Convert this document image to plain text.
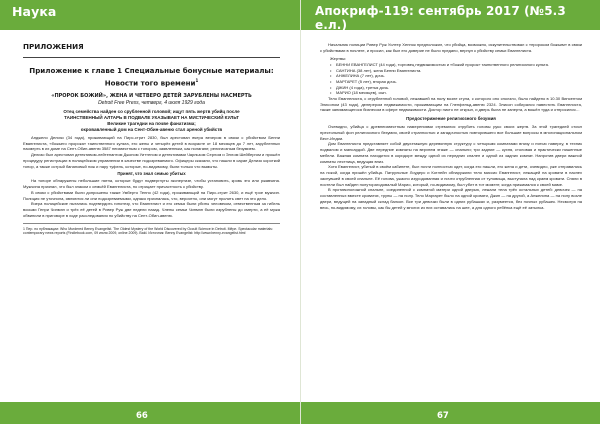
Наука
ПРИЛОЖЕНИЯ
Приложение к главе 1 Специальные бонусные материалы: Новости того времени$^1$
«ПРОРОК БОЖИЙ», ЖЕНА И ЧЕТВЕРО ДЕТЕЙ ЗАРУБЛЕНЫ НАСМЕРТЬ
Detroit Free Press, четверг, 4 июля 1929 года
Отец семейства найден со срубленной головой; ищут пять жертв убийц после
ТАИНСТВЕННЫЙ АЛТАРЬ В ПОДВАЛЕ УКАЗЫВАЕТ НА МИСТИЧЕСКИЙ КУЛЬТ
Великие трагедии на почве фанатизма;
окровавленный дом на Сент-Обин-авеню стал ареной убийств

Анджело Делизо (34 года), проживающий на Пирс-стрит 2830, был арестован вчера вечером в связи с убийством Бенни Евангелиста, «божьего пророка» таинственного культа, его жены и четырёх детей в возрасте от 18 месяцев до 7 лет, зарубленных насмерть в их доме на Сент-Обин-авеню 3587 неизвестным с топором, заявленным, как полагают, религиозным безумием.

Делизо был арестован детективом-лейтенантом Джоном Уиттеном и детективами Чарльзом Серлом и Эллом Шейбергом и прошёл процедуру регистрации в полицейском управлении в качестве подозреваемого. Офицеры сказали, что нашли в сарае Делизо короткий топор, а также острый банановый нож и пару туфель, которые, по-видимому, были только что вымыты.

Принят, что знал семью убитых

На топоре обнаружены небольшие пятна, которые будут подвергнуты экспертизе, чтобы установить, кровь это или ржавчина. Мужчина признал, что был знаком с семьёй Евангелиста, но отрицает причастность к убийству.

В связи с убийствами были допрошены также Умберто Тенно (42 года), проживающий на Пирс-стрит 2630, и ещё трое мужчин. Полиция не уточнила, являются ли они подозреваемыми, однако призналась, что, вероятно, они могут пролить свет на это дело.

Вчера полицейские пытались подтвердить гипотезу, что Евангелист и его семья были убиты человеком, отвественным за гибель восьми Генри Чипмэн и трёх её детей в Ривер Руж две недели назад. Члены семьи Чипмэн были изрублены до смерти, а её мужа обвинили в приговоре в ходе расследования по убийству на Сент-Обин-авеню.

1 Пер. по публикации: Who Murdered Benny Evangelist. The Oldest Mystery of the World Discovered by Occult Science in Detroit. Мёрл. Spectacular materials: contemporary news reports (Findlebook.com, 09 июля 2009, online 2009). Bald. Источник: Benny Evangelist: http://www.benny-evangelist.html
66
Апокриф-119: сентябрь 2017 (№5.3 е.л.)

Начальник полиции Ривер Руж Уолтер Хеннок предположил, что убийца, возможно, искупительствовал с «пророком божьим» в связи с убийствами в ночлеге, и просил, как был его доверие не было предано, вернул к убийству семьи Евангелиста.

Жертвы:
• БЕННИ ЕВАНГЕЛИСТ (44 года), торговец недвижимостью и «божий пророк» таинственного религиозного культа.
• САНТИНА (38 лет), жена Бенни Евангелиста.
• АНЖЕЛИНА (7 лет), дочь.
• МАРГАРЕТ (5 лет), вторая дочь.
• ДЖИН (4 года), третья дочь.
• МАРИО (18 месяцев), сын.

Тело Евангелиста, с отрубленной головой, лежавшей на полу возле стула, с которого оно сползло, было найдено в 10.30 Винсентом Элисоном (43 года), делерером недвижимости, проживающим на Гленфельд-авеню 2324. Элисон собирался навестить Евангелиста, также занимающегося бизнесом в сфере недвижимости. Доктор никто не открыл, и дверь была не заперта, а вошёл туда и отпросился…

Предостерижение религиозного безумия

Очевидно, убийца с древнеизвестным намерениями стремился отрубить головы руко своих жертв. За этой трагедией стоял престольный фон религиозного безумия, своей странностью и загадочностью повторившего все большие вопросы в многонациональном Вест-Индии.

Дом Евангелиста представляет собой двухэтажную деревянную структуру с четырьмя комнатами внизу и пятью наверху, в техник подвалом и мансардой. Две передние комнаты на верхнем этаже — спальни; три задние — кухня, столовая и практически пишенные мебели. Важная комната находится в коридоре между одной из передних спален и одной из задних комнат. Напротив двери важной комнаты лестница, ведущая вниз.

Хотя Евангелист, убитый в своём кабинете, был почти полностью одет, когда его нашли, его жена и дети, очевидно, уже отправились на покой, когда пришёл убийца. Патрульные Лоудерс и Котлейн обнаружили тело миссис Евангелист, лежащей на кровати в наспех заснувшей в своей спальне. Её голова, ужасно изуродованная и почти отрубленная от туловища, выступала над краем кровати. Сняли в постели был найден полуторагодовалый Марио, который, по-видимому, был убит в тот момент, когда прижимался к своей маме.

В противоположной спальне, соединенной с комнатой матери одной дверью, лежали тела трёх остальных детей: девочек — на составленных вместе кроватях, трупы — на полу. Тело Маргарет было на одной кровати, Джин — на другой, а Анжелина — на полу возле двери, ведущей на западный склад балкон. Все три девочки были в одних рубашках и, разумеется, без ночных рубашек. Несмотря на весь, по-видимому, их головы, как бы детей у многих из них оставались на шее, а для одного ребёнка ещё её затылка.

67
